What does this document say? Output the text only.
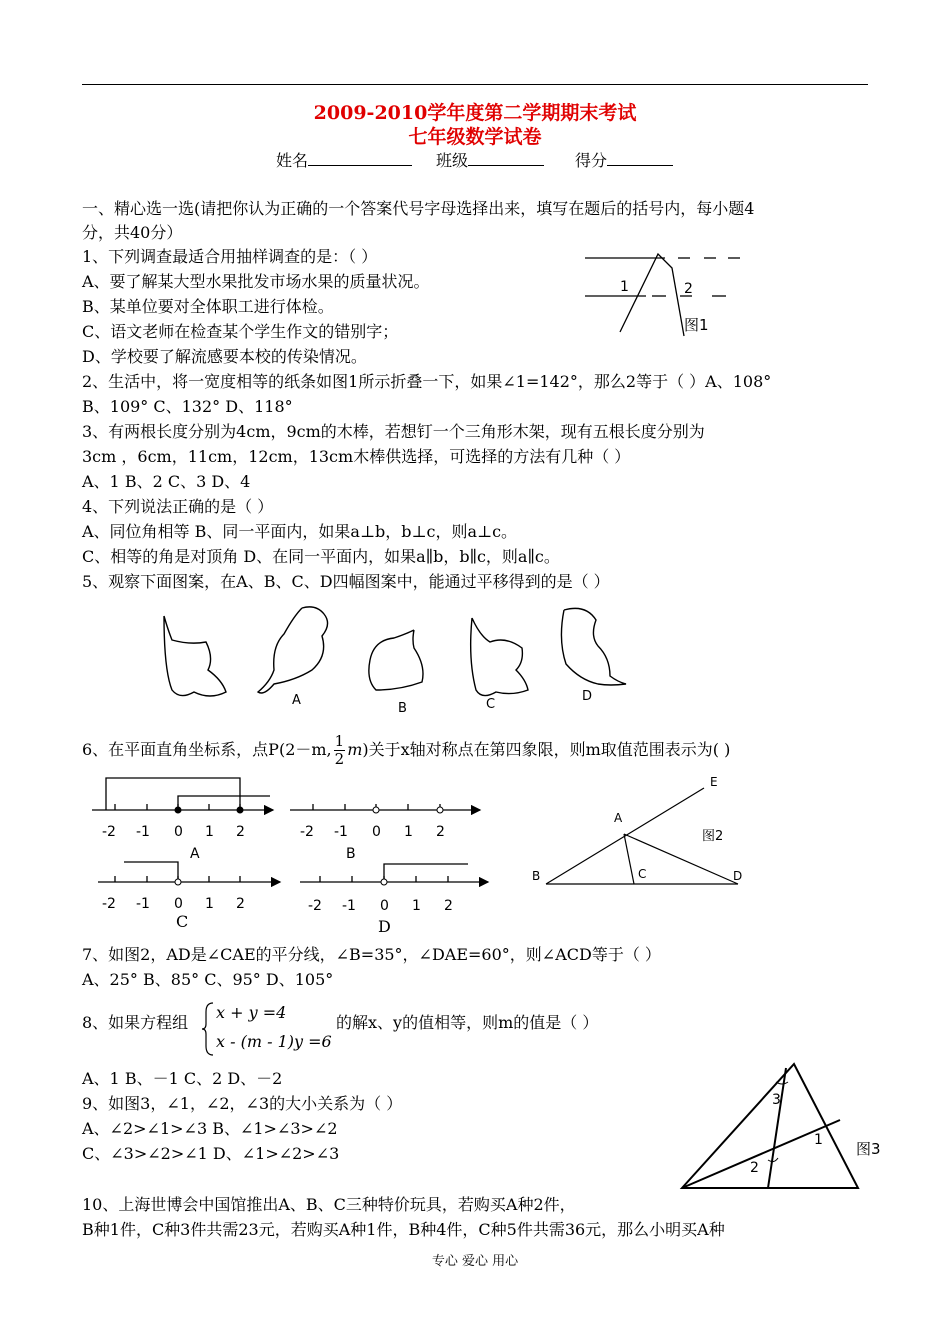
2009-2010学年度第二学期期末考试
七年级数学试卷
姓名	班级	得分
一、精心选一选(请把你认为正确的一个答案代号字母选择出来，填写在题后的括号内，每小题4
分，共40分）
1、下列调查最适合用抽样调查的是：（ ）
A、要了解某大型水果批发市场水果的质量状况。
B、某单位要对全体职工进行体检。
C、语文老师在检查某个学生作文的错别字；
D、学校要了解流感要本校的传染情况。
1	2
图1
2、生活中，将一宽度相等的纸条如图1所示折叠一下，如果∠1=142°，那么2等于（ ）A、108°
B、109° C、132° D、118°
3、有两根长度分别为4cm，9cm的木棒，若想钉一个三角形木架，现有五根长度分别为
3cm ，6cm，11cm，12cm，13cm木棒供选择，可选择的方法有几种（ ）
A、1 B、2 C、3 D、4
4、下列说法正确的是（ ）
A、同位角相等 B、同一平面内，如果a⊥b，b⊥c，则a⊥c。
C、相等的角是对顶角 D、在同一平面内，如果a∥b，b∥c，则a∥c。
5、观察下面图案，在A、B、C、D四幅图案中，能通过平移得到的是（ ）
A
B	C
D
6、在平面直角坐标系，点P(2－m, $\frac{1}{2} m$)关于x轴对称点在第四象限，则m取值范围表示为( )
-2 -1 0 1 2
A
-2 -1 0 1 2
B
-2 -1 0 1 2	-2 -1 0 1 2
C	D
E
A
图2
B	C	D
7、如图2，AD是∠CAE的平分线，∠B=35°，∠DAE=60°，则∠ACD等于（ ）
A、25° B、85° C、95° D、105°
8、如果方程组
x + y =4
x - (m - 1)y =6
的解x、y的值相等，则m的值是（ ）
A、1 B、－1 C、2 D、－2
9、如图3，∠1，∠2，∠3的大小关系为（ ）
A、∠2>∠1>∠3 B、∠1>∠3>∠2
C、∠3>∠2>∠1 D、∠1>∠2>∠3
3
1
2
图3
10、上海世博会中国馆推出A、B、C三种特价玩具，若购买A种2件，
B种1件，C种3件共需23元，若购买A种1件，B种4件，C种5件共需36元，那么小明买A种
专心 爱心 用心
